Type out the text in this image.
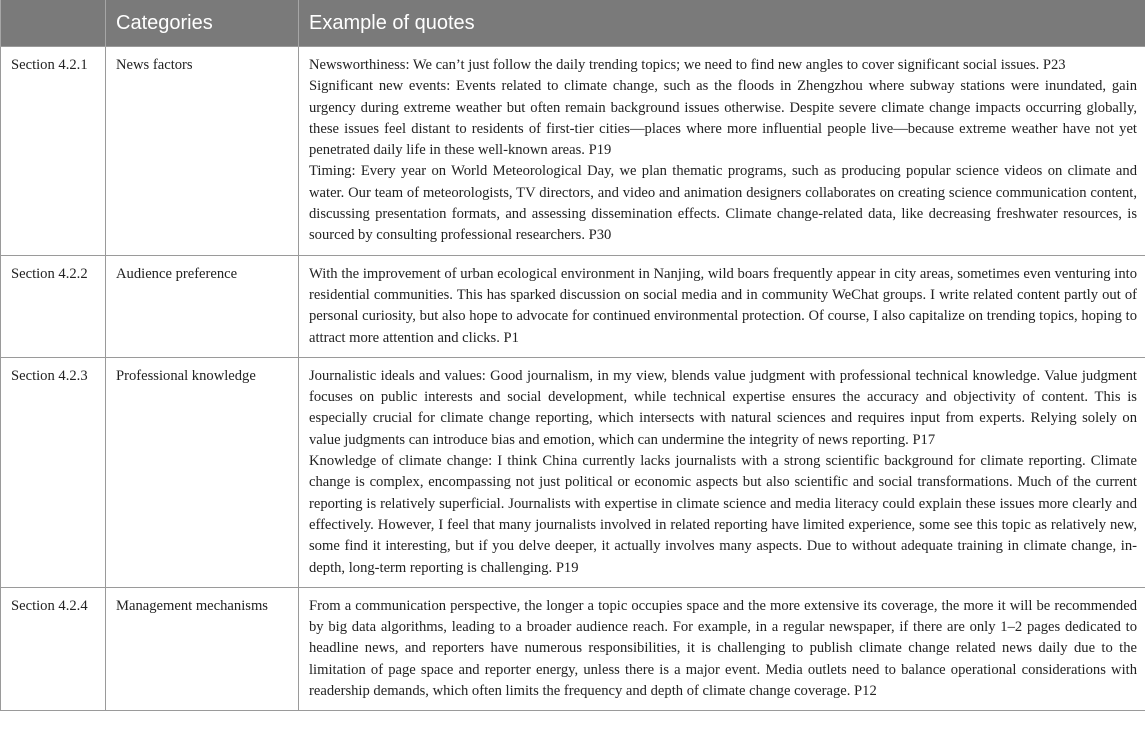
	Categories	Example of quotes
Section 4.2.1	News factors	Newsworthiness: We can’t just follow the daily trending topics; we need to find new angles to cover significant social issues. P23
Significant new events: Events related to climate change, such as the floods in Zhengzhou where subway stations were inundated, gain urgency during extreme weather but often remain background issues otherwise. Despite severe climate change impacts occurring globally, these issues feel distant to residents of first-tier cities—places where more influential people live—because extreme weather have not yet penetrated daily life in these well-known areas. P19
Timing: Every year on World Meteorological Day, we plan thematic programs, such as producing popular science videos on climate and water. Our team of meteorologists, TV directors, and video and animation designers collaborates on creating science communication content, discussing presentation formats, and assessing dissemination effects. Climate change-related data, like decreasing freshwater resources, is sourced by consulting professional researchers. P30

Section 4.2.2	Audience preference	With the improvement of urban ecological environment in Nanjing, wild boars frequently appear in city areas, sometimes even venturing into residential communities. This has sparked discussion on social media and in community WeChat groups. I write related content partly out of personal curiosity, but also hope to advocate for continued environmental protection. Of course, I also capitalize on trending topics, hoping to attract more attention and clicks. P1

Section 4.2.3	Professional knowledge	Journalistic ideals and values: Good journalism, in my view, blends value judgment with professional technical knowledge. Value judgment focuses on public interests and social development, while technical expertise ensures the accuracy and objectivity of content. This is especially crucial for climate change reporting, which intersects with natural sciences and requires input from experts. Relying solely on value judgments can introduce bias and emotion, which can undermine the integrity of news reporting. P17
Knowledge of climate change: I think China currently lacks journalists with a strong scientific background for climate reporting. Climate change is complex, encompassing not just political or economic aspects but also scientific and social transformations. Much of the current reporting is relatively superficial. Journalists with expertise in climate science and media literacy could explain these issues more clearly and effectively. However, I feel that many journalists involved in related reporting have limited experience, some see this topic as relatively new, some find it interesting, but if you delve deeper, it actually involves many aspects. Due to without adequate training in climate change, in-depth, long-term reporting is challenging. P19

Section 4.2.4	Management mechanisms	From a communication perspective, the longer a topic occupies space and the more extensive its coverage, the more it will be recommended by big data algorithms, leading to a broader audience reach. For example, in a regular newspaper, if there are only 1–2 pages dedicated to headline news, and reporters have numerous responsibilities, it is challenging to publish climate change related news daily due to the limitation of page space and reporter energy, unless there is a major event. Media outlets need to balance operational considerations with readership demands, which often limits the frequency and depth of climate change coverage. P12
